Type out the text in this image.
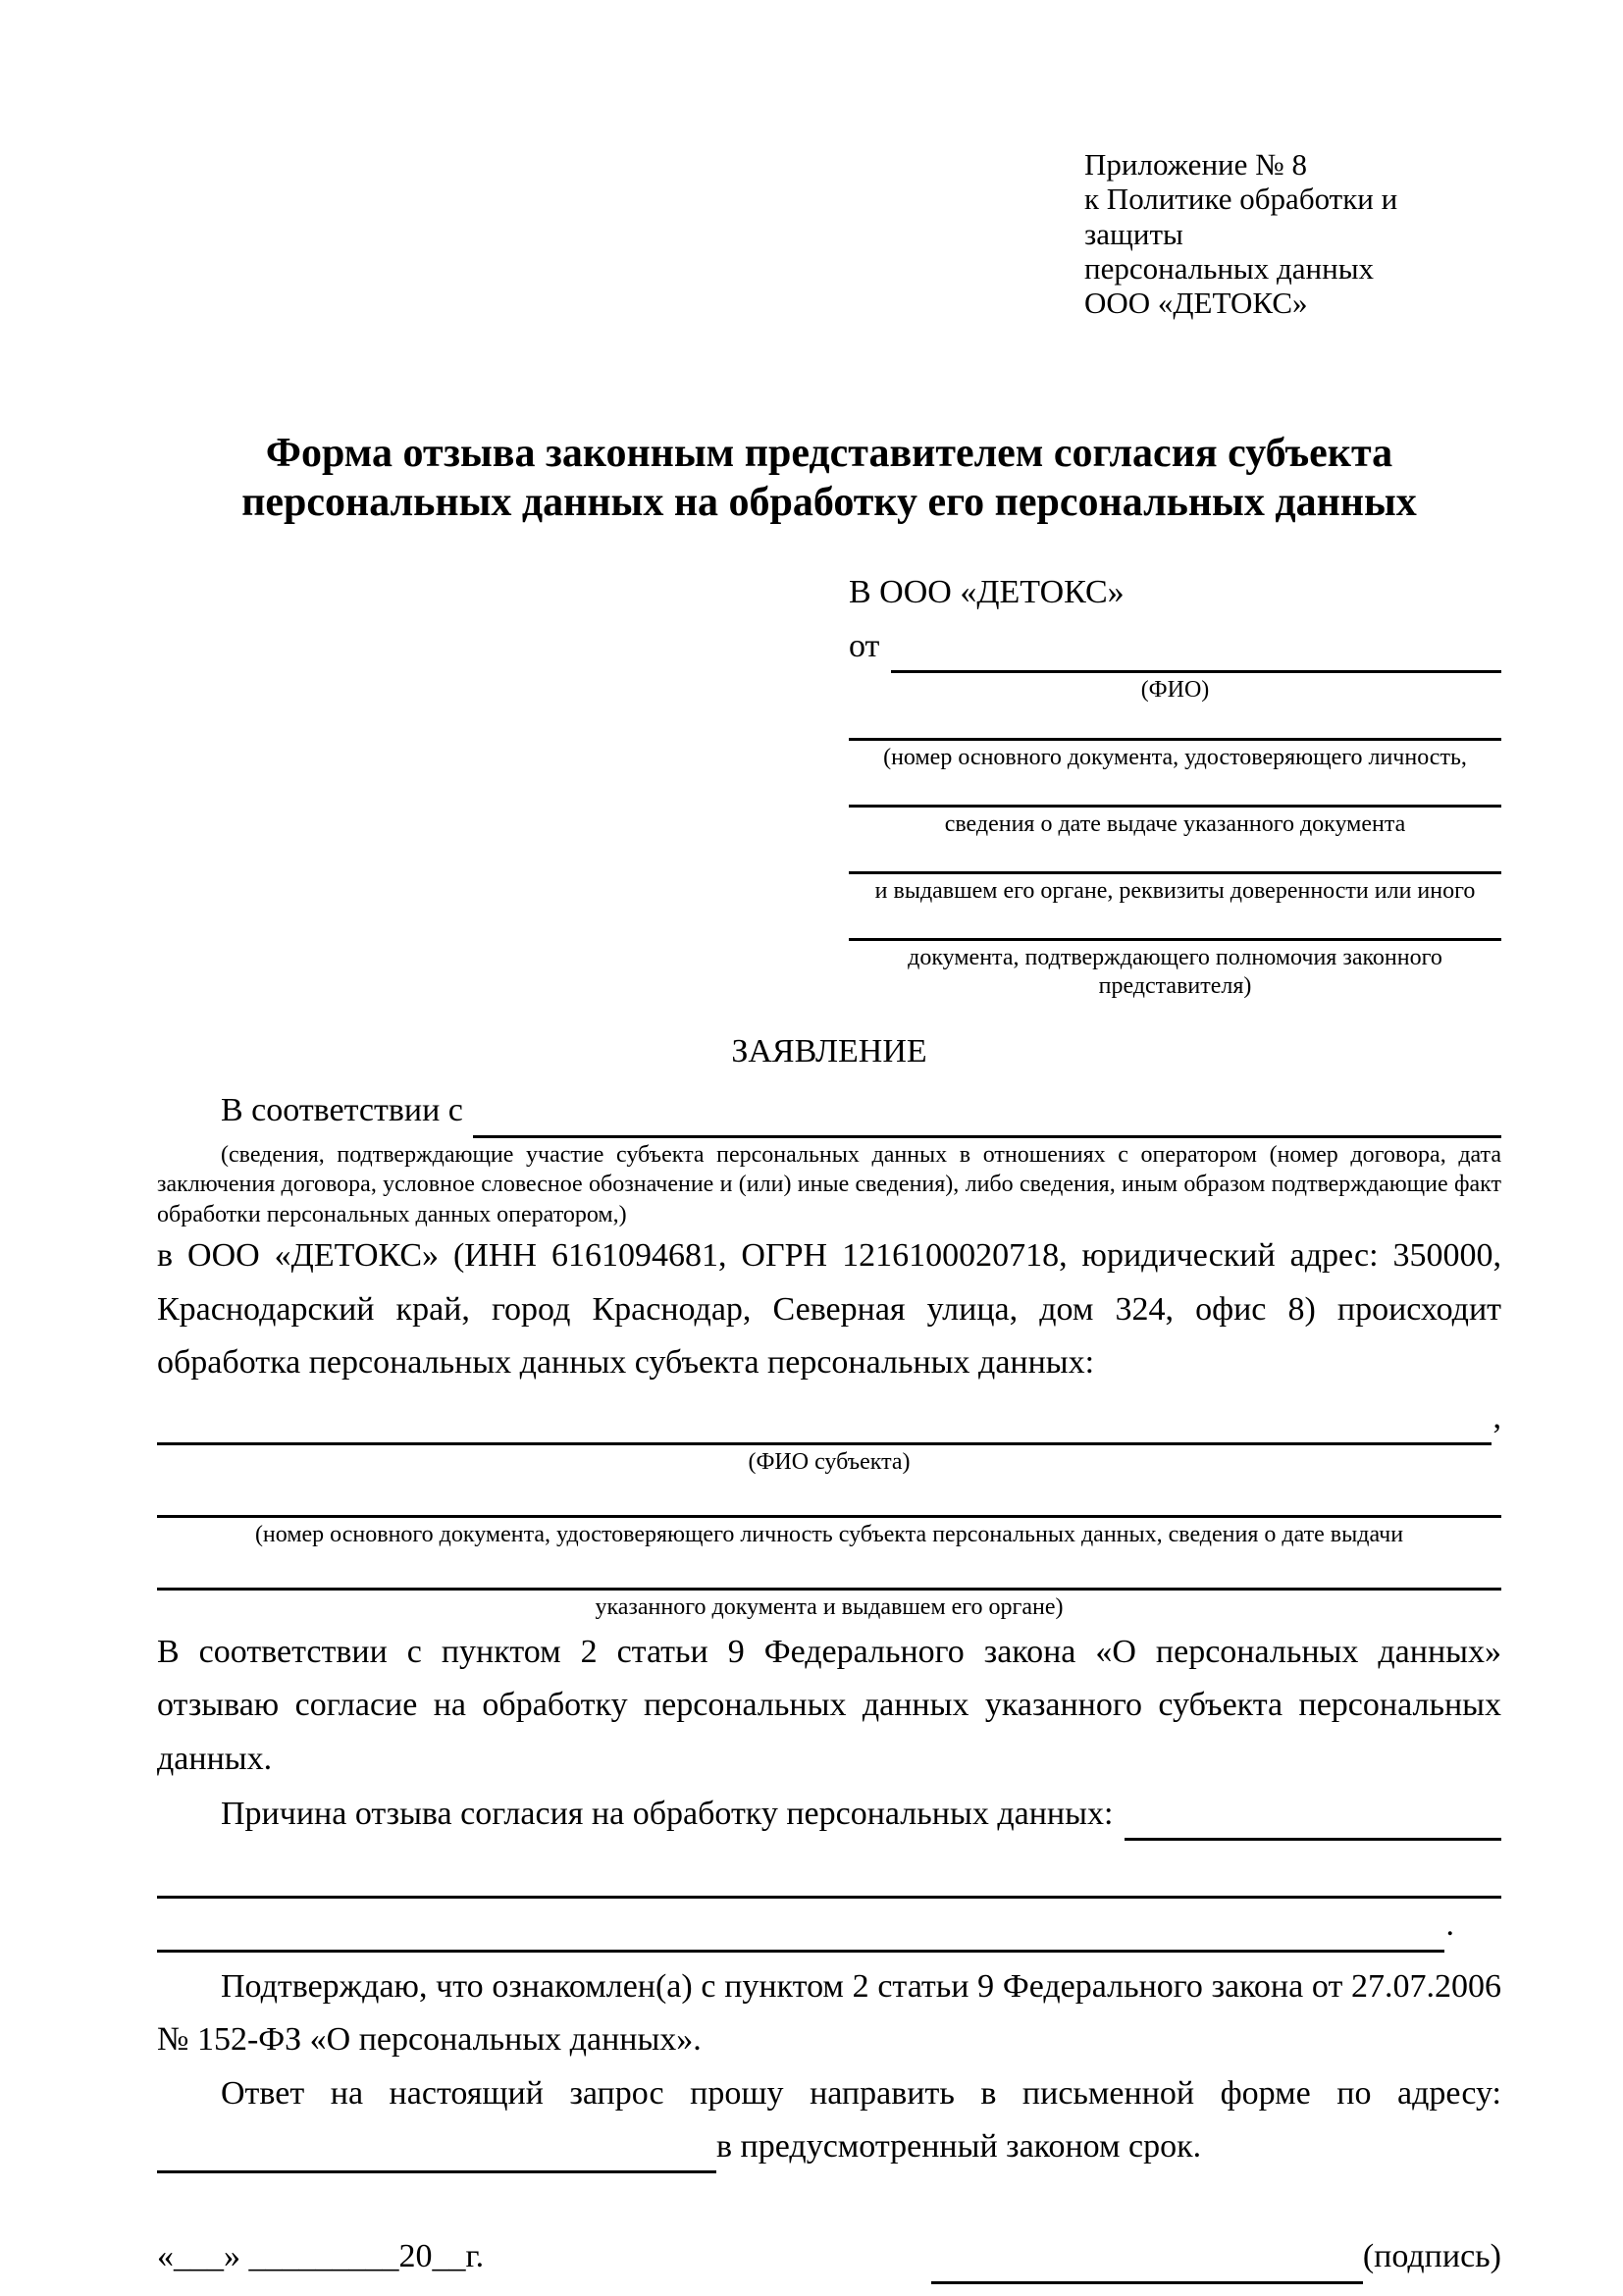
Приложение № 8
к Политике обработки и защиты
персональных данных
ООО «ДЕТОКС»
Форма отзыва законным представителем согласия субъекта
персональных данных на обработку его персональных данных
В ООО «ДЕТОКС»
от
(ФИО)
(номер основного документа, удостоверяющего личность,
сведения о дате выдаче указанного документа
и выдавшем его органе, реквизиты доверенности или иного
документа, подтверждающего полномочия законного представителя)
ЗАЯВЛЕНИЕ
В соответствии с
(сведения, подтверждающие участие субъекта персональных данных в отношениях с оператором (номер договора, дата заключения договора, условное словесное обозначение и (или) иные сведения), либо сведения, иным образом подтверждающие факт обработки персональных данных оператором,)
в ООО «ДЕТОКС» (ИНН 6161094681, ОГРН 1216100020718, юридический адрес: 350000, Краснодарский край, город Краснодар, Северная улица, дом 324, офис 8) происходит обработка персональных данных субъекта персональных данных:
,
(ФИО субъекта)
(номер основного документа, удостоверяющего личность субъекта персональных данных, сведения о дате выдачи
указанного документа и выдавшем его органе)
В соответствии с пунктом 2 статьи 9 Федерального закона «О персональных данных» отзываю согласие на обработку персональных данных указанного субъекта персональных данных.
Причина отзыва согласия на обработку персональных данных:
.
Подтверждаю, что ознакомлен(а) с пунктом 2 статьи 9 Федерального закона от 27.07.2006 № 152-ФЗ «О персональных данных».
Ответ на настоящий запрос прошу направить в письменной форме по адресу:
в предусмотренный законом срок.
«___» _________20__г.	(подпись)
